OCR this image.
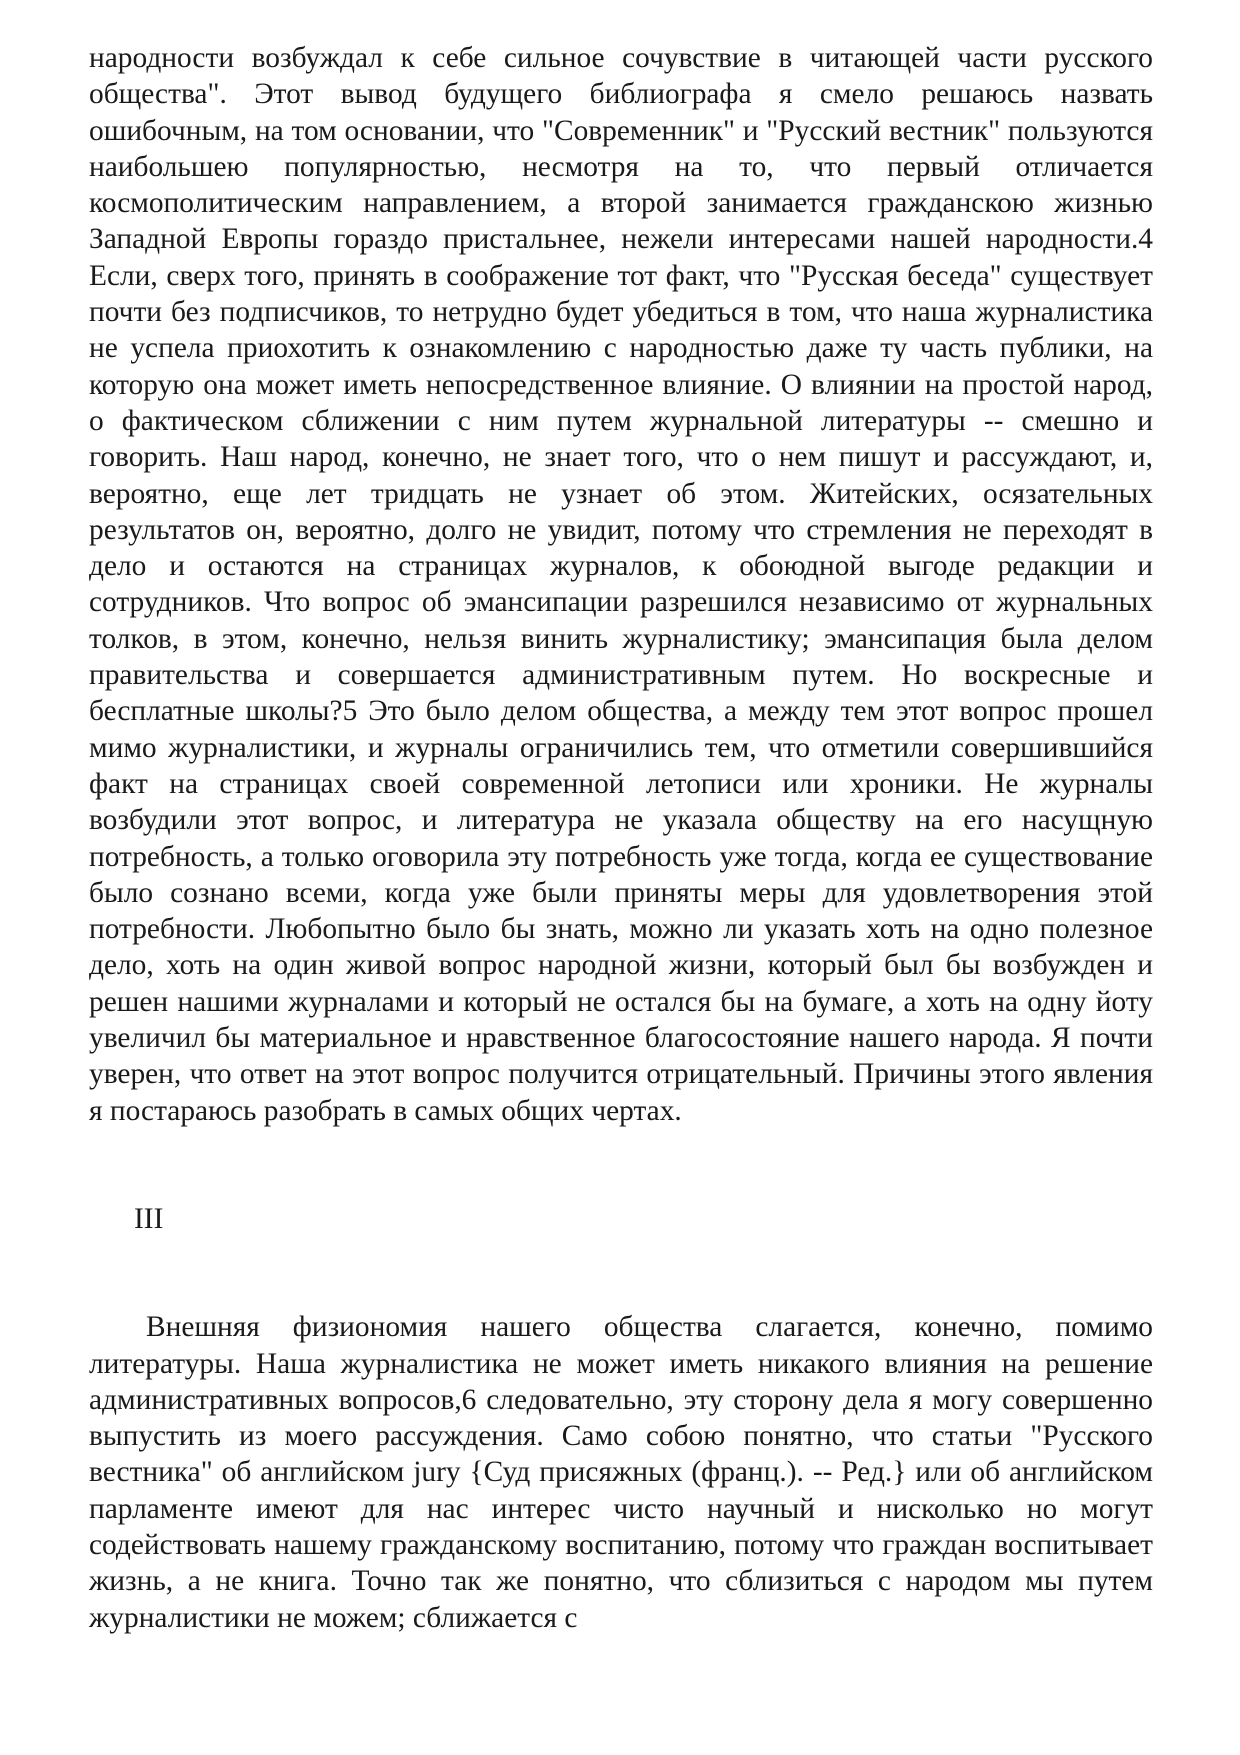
народности возбуждал к себе сильное сочувствие в читающей части русского общества". Этот вывод будущего библиографа я смело решаюсь назвать ошибочным, на том основании, что "Современник" и "Русский вестник" пользуются наибольшею популярностью, несмотря на то, что первый отличается космополитическим направлением, а второй занимается гражданскою жизнью Западной Европы гораздо пристальнее, нежели интересами нашей народности.4 Если, сверх того, принять в соображение тот факт, что "Русская беседа" существует почти без подписчиков, то нетрудно будет убедиться в том, что наша журналистика не успела приохотить к ознакомлению с народностью даже ту часть публики, на которую она может иметь непосредственное влияние. О влиянии на простой народ, о фактическом сближении с ним путем журнальной литературы -- смешно и говорить. Наш народ, конечно, не знает того, что о нем пишут и рассуждают, и, вероятно, еще лет тридцать не узнает об этом. Житейских, осязательных результатов он, вероятно, долго не увидит, потому что стремления не переходят в дело и остаются на страницах журналов, к обоюдной выгоде редакции и сотрудников. Что вопрос об эмансипации разрешился независимо от журнальных толков, в этом, конечно, нельзя винить журналистику; эмансипация была делом правительства и совершается административным путем. Но воскресные и бесплатные школы?5 Это было делом общества, а между тем этот вопрос прошел мимо журналистики, и журналы ограничились тем, что отметили совершившийся факт на страницах своей современной летописи или хроники. Не журналы возбудили этот вопрос, и литература не указала обществу на его насущную потребность, а только оговорила эту потребность уже тогда, когда ее существование было сознано всеми, когда уже были приняты меры для удовлетворения этой потребности. Любопытно было бы знать, можно ли указать хоть на одно полезное дело, хоть на один живой вопрос народной жизни, который был бы возбужден и решен нашими журналами и который не остался бы на бумаге, а хоть на одну йоту увеличил бы материальное и нравственное благосостояние нашего народа. Я почти уверен, что ответ на этот вопрос получится отрицательный. Причины этого явления я постараюсь разобрать в самых общих чертах.

III

Внешняя физиономия нашего общества слагается, конечно, помимо литературы. Наша журналистика не может иметь никакого влияния на решение административных вопросов,6 следовательно, эту сторону дела я могу совершенно выпустить из моего рассуждения. Само собою понятно, что статьи "Русского вестника" об английском jury {Суд присяжных (франц.). -- Ред.} или об английском парламенте имеют для нас интерес чисто научный и нисколько но могут содействовать нашему гражданскому воспитанию, потому что граждан воспитывает жизнь, а не книга. Точно так же понятно, что сблизиться с народом мы путем журналистики не можем; сближается с
